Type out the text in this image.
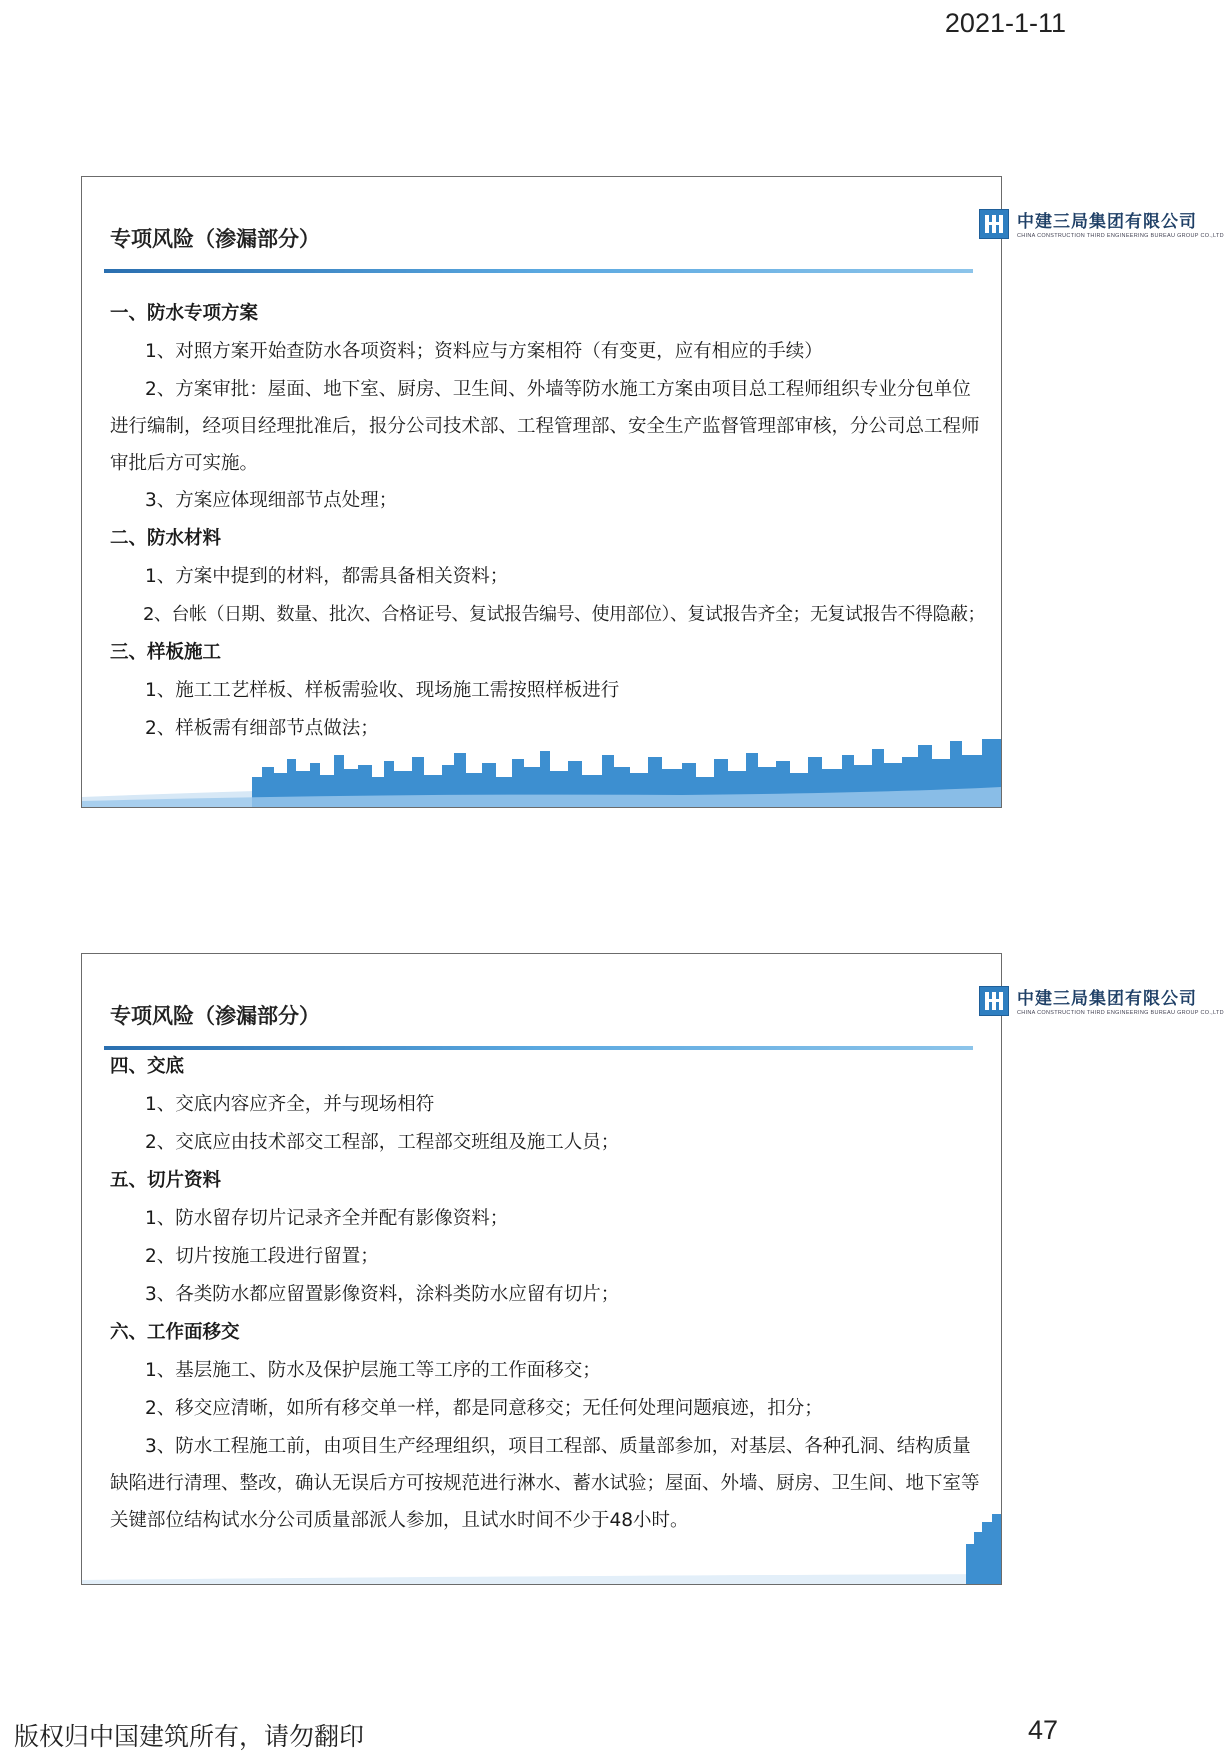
2021-1-11
专项风险（渗漏部分）
中建三局集团有限公司
CHINA CONSTRUCTION THIRD ENGINEERING BUREAU GROUP CO.,LTD
一、防水专项方案
1、对照方案开始查防水各项资料；资料应与方案相符（有变更，应有相应的手续）
2、方案审批：屋面、地下室、厨房、卫生间、外墙等防水施工方案由项目总工程师组织专业分包单位进行编制，经项目经理批准后，报分公司技术部、工程管理部、安全生产监督管理部审核，分公司总工程师审批后方可实施。
3、方案应体现细部节点处理；
二、防水材料
1、方案中提到的材料，都需具备相关资料；
2、台帐（日期、数量、批次、合格证号、复试报告编号、使用部位）、复试报告齐全；无复试报告不得隐蔽；
三、样板施工
1、施工工艺样板、样板需验收、现场施工需按照样板进行
2、样板需有细部节点做法；
专项风险（渗漏部分）
中建三局集团有限公司
CHINA CONSTRUCTION THIRD ENGINEERING BUREAU GROUP CO.,LTD
四、交底
1、交底内容应齐全，并与现场相符
2、交底应由技术部交工程部，工程部交班组及施工人员；
五、切片资料
1、防水留存切片记录齐全并配有影像资料；
2、切片按施工段进行留置；
3、各类防水都应留置影像资料，涂料类防水应留有切片；
六、工作面移交
1、基层施工、防水及保护层施工等工序的工作面移交；
2、移交应清晰，如所有移交单一样，都是同意移交；无任何处理问题痕迹，扣分；
3、防水工程施工前，由项目生产经理组织，项目工程部、质量部参加，对基层、各种孔洞、结构质量缺陷进行清理、整改，确认无误后方可按规范进行淋水、蓄水试验；屋面、外墙、厨房、卫生间、地下室等关键部位结构试水分公司质量部派人参加，且试水时间不少于48小时。
版权归中国建筑所有，请勿翻印	47
